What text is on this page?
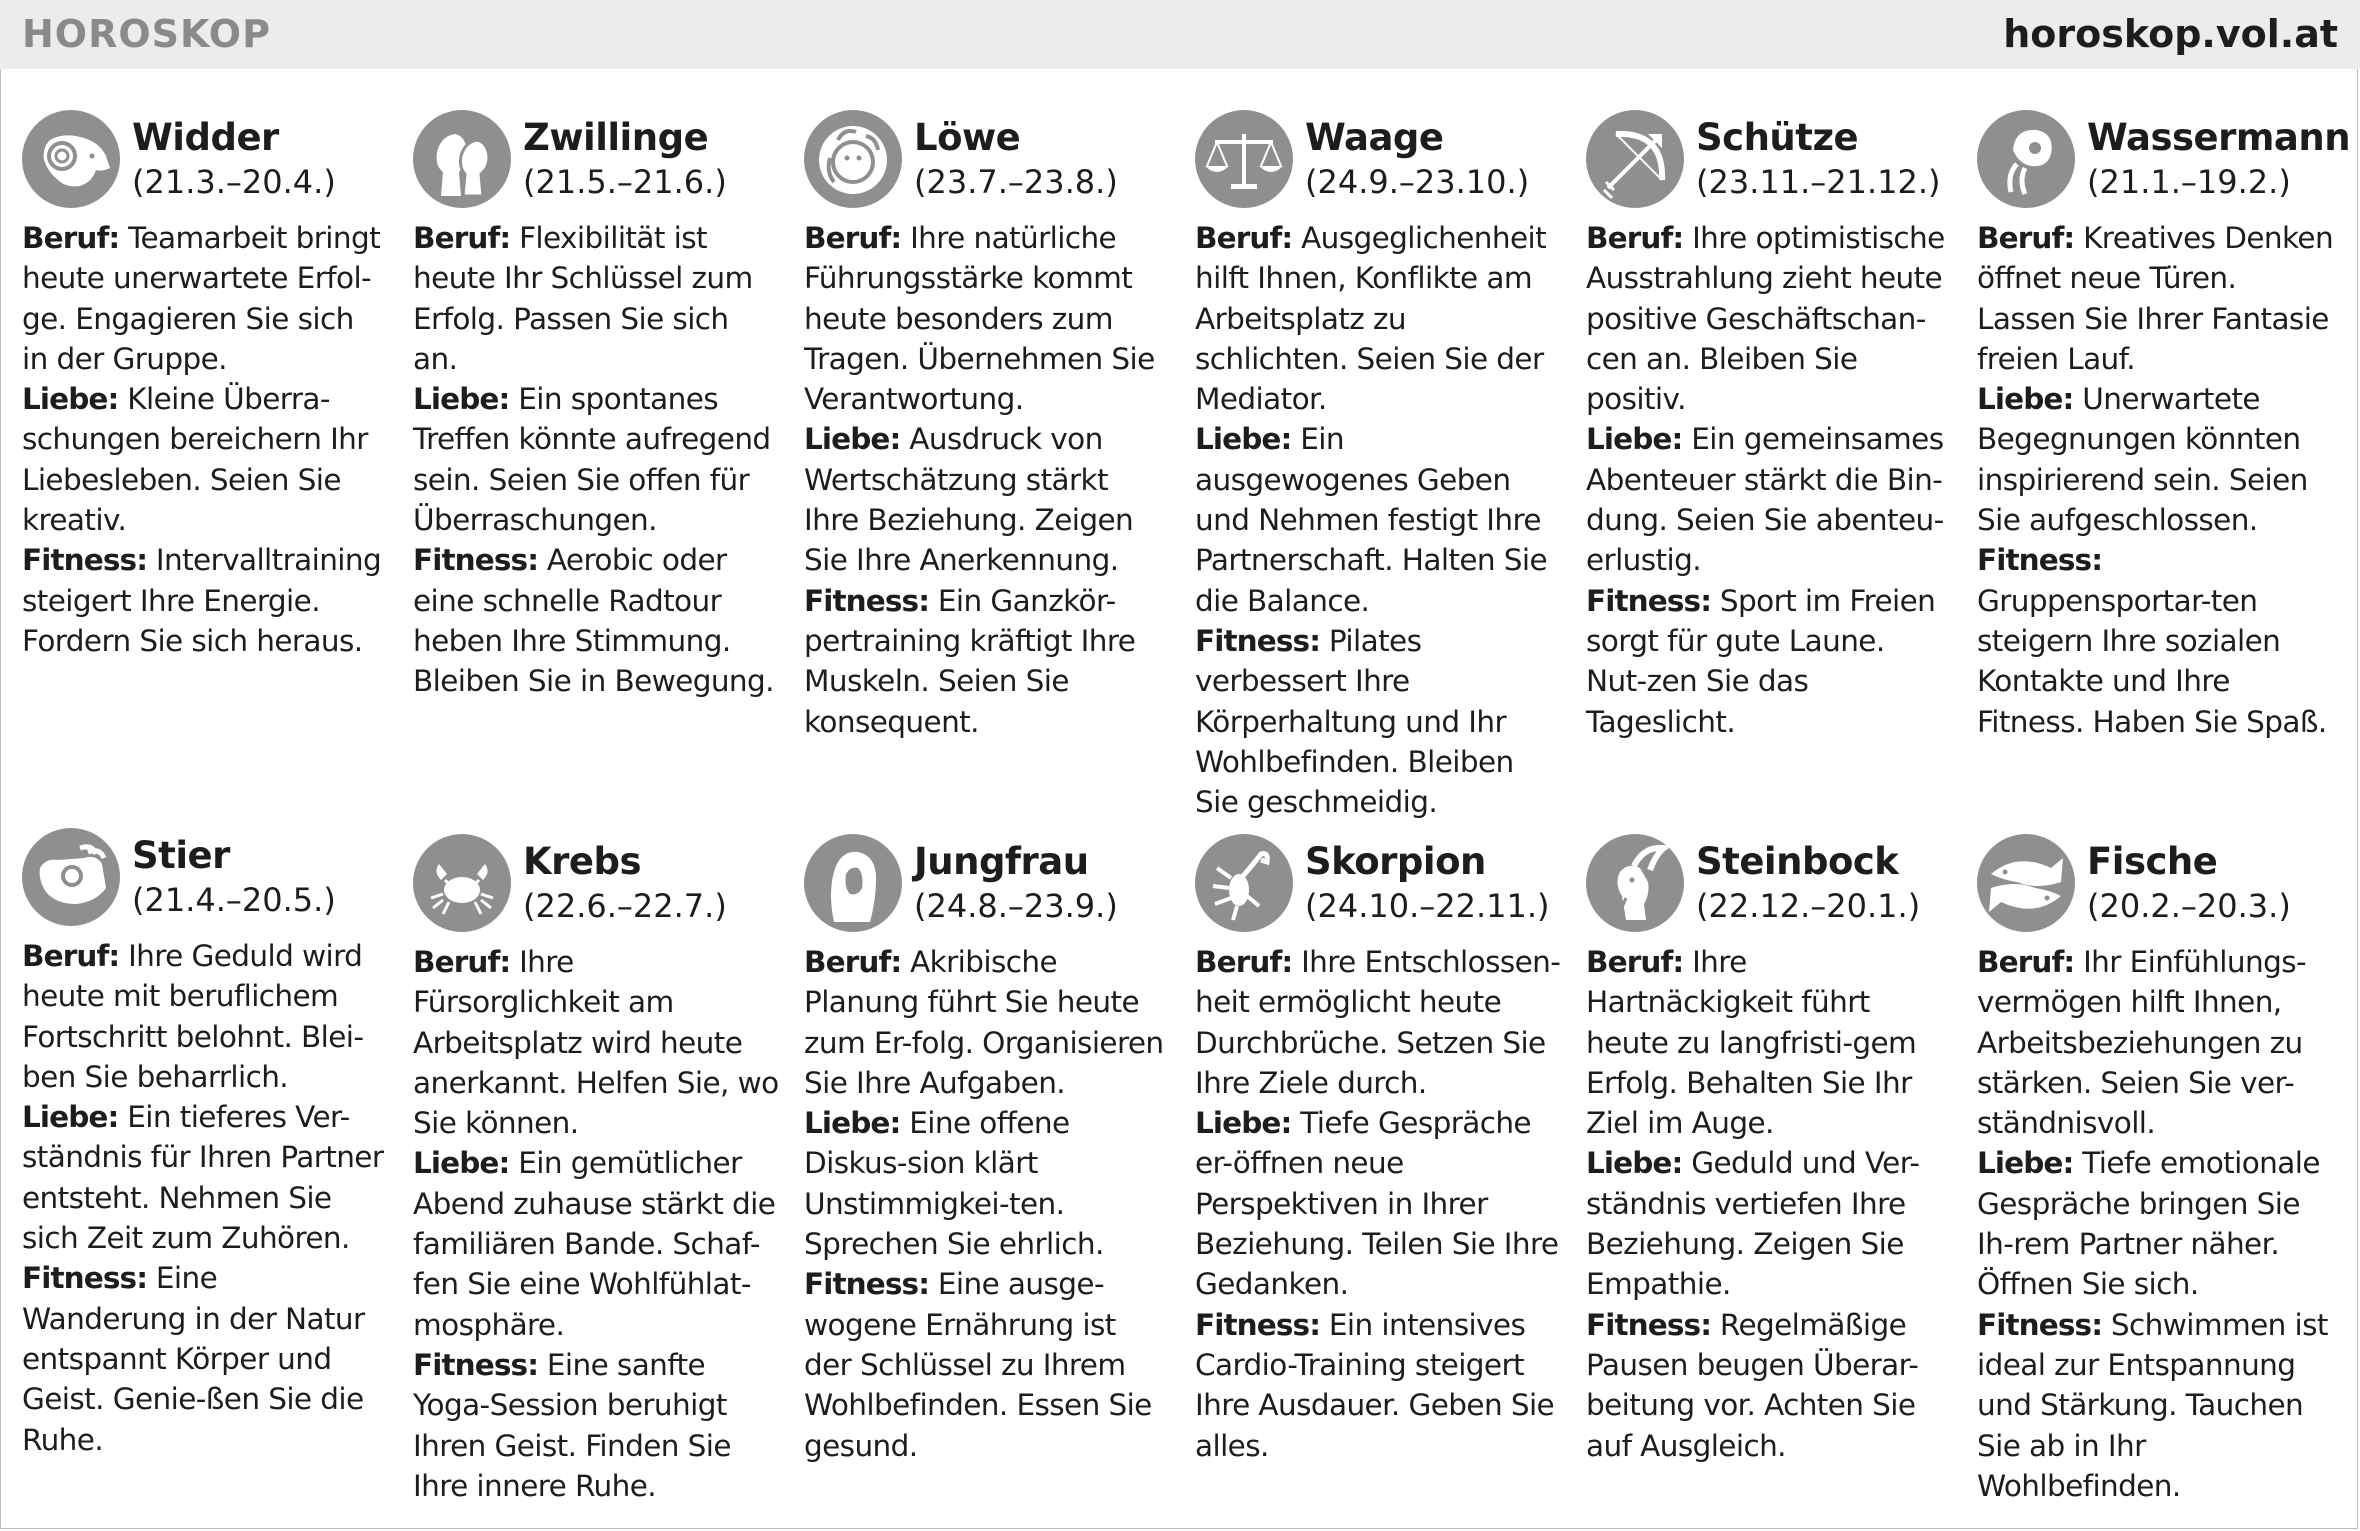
HOROSKOP	horoskop.vol.at
Widder
(21.3.–20.4.)
Beruf: Teamarbeit bringt heute unerwartete Erfol-ge. Engagieren Sie sich in der Gruppe.
Liebe: Kleine Überra-schungen bereichern Ihr Liebesleben. Seien Sie kreativ.
Fitness: Intervalltraining steigert Ihre Energie. Fordern Sie sich heraus.
Zwillinge
(21.5.–21.6.)
Beruf: Flexibilität ist heute Ihr Schlüssel zum Erfolg. Passen Sie sich an.
Liebe: Ein spontanes Treffen könnte aufregend sein. Seien Sie offen für Überraschungen.
Fitness: Aerobic oder eine schnelle Radtour heben Ihre Stimmung. Bleiben Sie in Bewegung.
Löwe
(23.7.–23.8.)
Beruf: Ihre natürliche Führungsstärke kommt heute besonders zum Tragen. Übernehmen Sie Verantwortung.
Liebe: Ausdruck von Wertschätzung stärkt Ihre Beziehung. Zeigen Sie Ihre Anerkennung.
Fitness: Ein Ganzkör-pertraining kräftigt Ihre Muskeln. Seien Sie konsequent.
Waage
(24.9.–23.10.)
Beruf: Ausgeglichenheit hilft Ihnen, Konflikte am Arbeitsplatz zu schlichten. Seien Sie der Mediator.
Liebe: Ein ausgewogenes Geben und Nehmen festigt Ihre Partnerschaft. Halten Sie die Balance.
Fitness: Pilates verbessert Ihre Körperhaltung und Ihr Wohlbefinden. Bleiben Sie geschmeidig.
Schütze
(23.11.–21.12.)
Beruf: Ihre optimistische Ausstrahlung zieht heute positive Geschäftschan-cen an. Bleiben Sie positiv.
Liebe: Ein gemeinsames Abenteuer stärkt die Bin-dung. Seien Sie abenteu-erlustig.
Fitness: Sport im Freien sorgt für gute Laune. Nut-zen Sie das Tageslicht.
Wassermann
(21.1.–19.2.)
Beruf: Kreatives Denken öffnet neue Türen. Lassen Sie Ihrer Fantasie freien Lauf.
Liebe: Unerwartete Begegnungen könnten inspirierend sein. Seien Sie aufgeschlossen.
Fitness: Gruppensportar-ten steigern Ihre sozialen Kontakte und Ihre Fitness. Haben Sie Spaß.
Stier
(21.4.–20.5.)
Beruf: Ihre Geduld wird heute mit beruflichem Fortschritt belohnt. Blei-ben Sie beharrlich.
Liebe: Ein tieferes Ver-ständnis für Ihren Partner entsteht. Nehmen Sie sich Zeit zum Zuhören.
Fitness: Eine Wanderung in der Natur entspannt Körper und Geist. Genie-ßen Sie die Ruhe.
Krebs
(22.6.–22.7.)
Beruf: Ihre Fürsorglichkeit am Arbeitsplatz wird heute anerkannt. Helfen Sie, wo Sie können.
Liebe: Ein gemütlicher Abend zuhause stärkt die familiären Bande. Schaf-fen Sie eine Wohlfühlat-mosphäre.
Fitness: Eine sanfte Yoga-Session beruhigt Ihren Geist. Finden Sie Ihre innere Ruhe.
Jungfrau
(24.8.–23.9.)
Beruf: Akribische Planung führt Sie heute zum Er-folg. Organisieren Sie Ihre Aufgaben.
Liebe: Eine offene Diskus-sion klärt Unstimmigkei-ten. Sprechen Sie ehrlich.
Fitness: Eine ausge-wogene Ernährung ist der Schlüssel zu Ihrem Wohlbefinden. Essen Sie gesund.
Skorpion
(24.10.–22.11.)
Beruf: Ihre Entschlossen-heit ermöglicht heute Durchbrüche. Setzen Sie Ihre Ziele durch.
Liebe: Tiefe Gespräche er-öffnen neue Perspektiven in Ihrer Beziehung. Teilen Sie Ihre Gedanken.
Fitness: Ein intensives Cardio-Training steigert Ihre Ausdauer. Geben Sie alles.
Steinbock
(22.12.–20.1.)
Beruf: Ihre Hartnäckigkeit führt heute zu langfristi-gem Erfolg. Behalten Sie Ihr Ziel im Auge.
Liebe: Geduld und Ver-ständnis vertiefen Ihre Beziehung. Zeigen Sie Empathie.
Fitness: Regelmäßige Pausen beugen Überar-beitung vor. Achten Sie auf Ausgleich.
Fische
(20.2.–20.3.)
Beruf: Ihr Einfühlungs-vermögen hilft Ihnen, Arbeitsbeziehungen zu stärken. Seien Sie ver-ständnisvoll.
Liebe: Tiefe emotionale Gespräche bringen Sie Ih-rem Partner näher. Öffnen Sie sich.
Fitness: Schwimmen ist ideal zur Entspannung und Stärkung. Tauchen Sie ab in Ihr Wohlbefinden.
